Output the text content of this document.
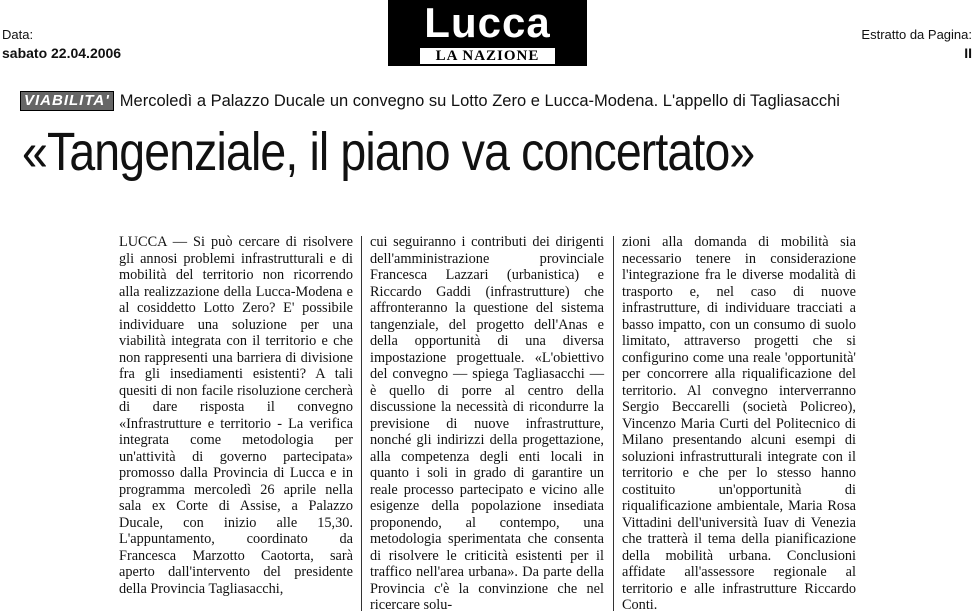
Data:
sabato 22.04.2006
Lucca
LA NAZIONE
Estratto da Pagina:
II
VIABILITA' Mercoledì a Palazzo Ducale un convegno su Lotto Zero e Lucca-Modena. L'appello di Tagliasacchi
«Tangenziale, il piano va concertato»
LUCCA — Si può cercare di risolvere gli annosi problemi infrastrutturali e di mobilità del territorio non ricorrendo alla realizzazione della Lucca-Modena e al cosiddetto Lotto Zero? E' possibile individuare una soluzione per una viabilità integrata con il territorio e che non rappresenti una barriera di divisione fra gli insediamenti esistenti? A tali quesiti di non facile risoluzione cercherà di dare risposta il convegno «Infrastrutture e territorio - La verifica integrata come metodologia per un'attività di governo partecipata» promosso dalla Provincia di Lucca e in programma mercoledì 26 aprile nella sala ex Corte di Assise, a Palazzo Ducale, con inizio alle 15,30. L'appuntamento, coordinato da Francesca Marzotto Caotorta, sarà aperto dall'intervento del presidente della Provincia Tagliasacchi,
cui seguiranno i contributi dei dirigenti dell'amministrazione provinciale Francesca Lazzari (urbanistica) e Riccardo Gaddi (infrastrutture) che affronteranno la questione del sistema tangenziale, del progetto dell'Anas e della opportunità di una diversa impostazione progettuale. «L'obiettivo del convegno — spiega Tagliasacchi — è quello di porre al centro della discussione la necessità di ricondurre la previsione di nuove infrastrutture, nonché gli indirizzi della progettazione, alla competenza degli enti locali in quanto i soli in grado di garantire un reale processo partecipato e vicino alle esigenze della popolazione insediata proponendo, al contempo, una metodologia sperimentata che consenta di risolvere le criticità esistenti per il traffico nell'area urbana». Da parte della Provincia c'è la convinzione che nel ricercare solu-
zioni alla domanda di mobilità sia necessario tenere in considerazione l'integrazione fra le diverse modalità di trasporto e, nel caso di nuove infrastrutture, di individuare tracciati a basso impatto, con un consumo di suolo limitato, attraverso progetti che si configurino come una reale 'opportunità' per concorrere alla riqualificazione del territorio. Al convegno interverranno Sergio Beccarelli (società Policreo), Vincenzo Maria Curti del Politecnico di Milano presentando alcuni esempi di soluzioni infrastrutturali integrate con il territorio e che per lo stesso hanno costituito un'opportunità di riqualificazione ambientale, Maria Rosa Vittadini dell'università Iuav di Venezia che tratterà il tema della pianificazione della mobilità urbana. Conclusioni affidate all'assessore regionale al territorio e alle infrastrutture Riccardo Conti.
